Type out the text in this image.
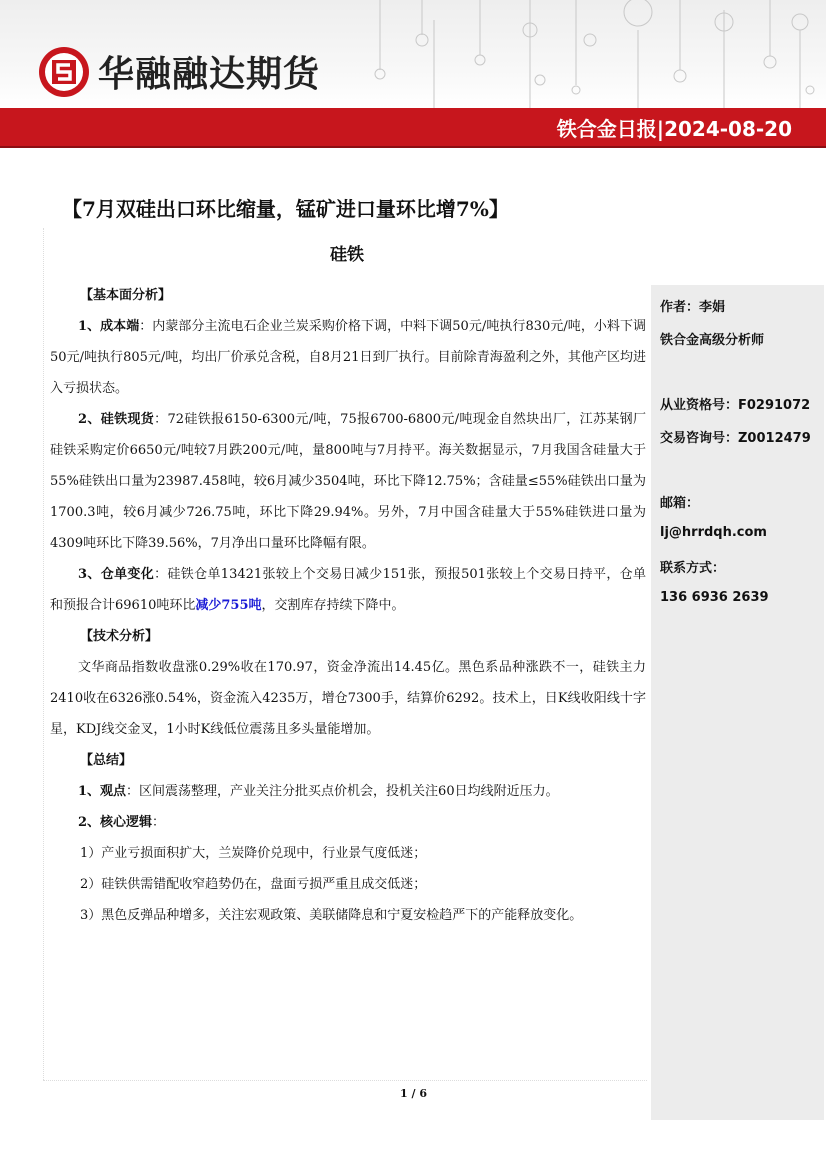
华融融达期货
铁合金日报|2024-08-20
【7月双硅出口环比缩量，锰矿进口量环比增7%】
硅铁

【基本面分析】

1、成本端：内蒙部分主流电石企业兰炭采购价格下调，中料下调50元/吨执行830元/吨，小料下调50元/吨执行805元/吨，均出厂价承兑含税，自8月21日到厂执行。目前除青海盈利之外，其他产区均进入亏损状态。

2、硅铁现货：72硅铁报6150-6300元/吨，75报6700-6800元/吨现金自然块出厂，江苏某钢厂硅铁采购定价6650元/吨较7月跌200元/吨，量800吨与7月持平。海关数据显示，7月我国含硅量大于55%硅铁出口量为23987.458吨，较6月减少3504吨，环比下降12.75%；含硅量≤55%硅铁出口量为1700.3吨，较6月减少726.75吨，环比下降29.94%。另外，7月中国含硅量大于55%硅铁进口量为4309吨环比下降39.56%，7月净出口量环比降幅有限。

3、仓单变化：硅铁仓单13421张较上个交易日减少151张，预报501张较上个交易日持平，仓单和预报合计69610吨环比减少755吨，交割库存持续下降中。

【技术分析】

文华商品指数收盘涨0.29%收在170.97，资金净流出14.45亿。黑色系品种涨跌不一，硅铁主力2410收在6326涨0.54%，资金流入4235万，增仓7300手，结算价6292。技术上，日K线收阳线十字星，KDJ线交金叉，1小时K线低位震荡且多头量能增加。

【总结】

1、观点：区间震荡整理，产业关注分批买点价机会，投机关注60日均线附近压力。

2、核心逻辑：

1）产业亏损面积扩大，兰炭降价兑现中，行业景气度低迷；

2）硅铁供需错配收窄趋势仍在，盘面亏损严重且成交低迷；

3）黑色反弹品种增多，关注宏观政策、美联储降息和宁夏安检趋严下的产能释放变化。

作者：李娟
铁合金高级分析师
从业资格号：F0291072
交易咨询号：Z0012479
邮箱：
lj@hrrdqh.com
联系方式：
136 6936 2639
1 / 6
